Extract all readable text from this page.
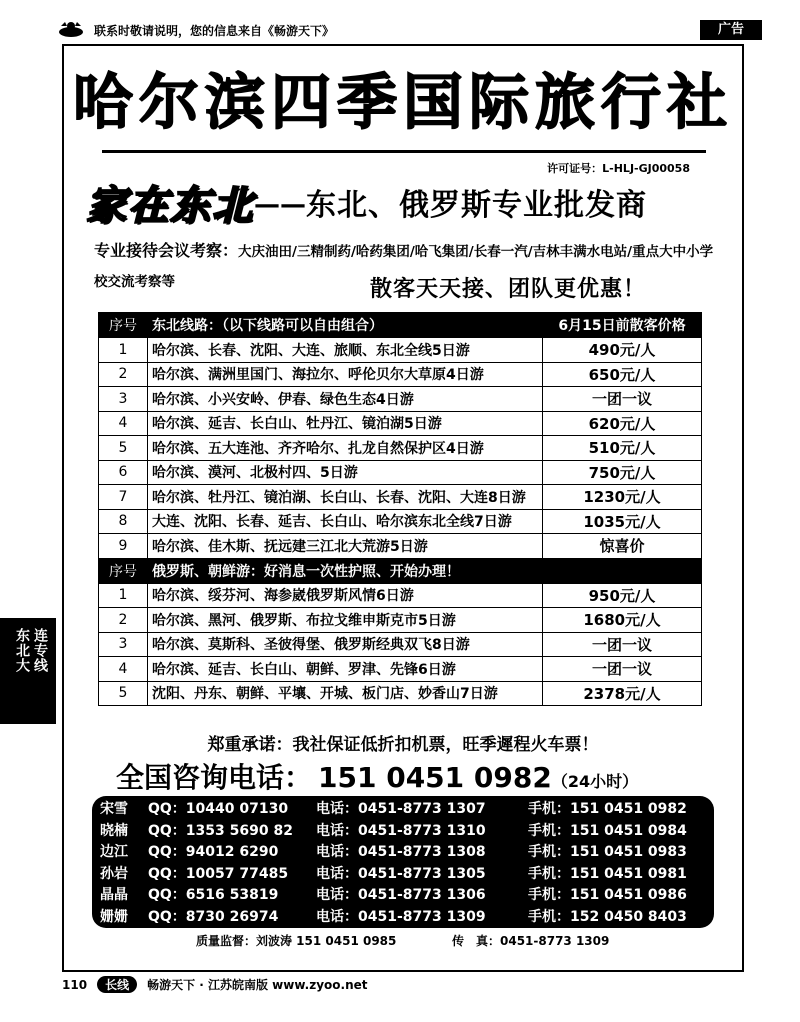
联系时敬请说明，您的信息来自《畅游天下》	广告
哈尔滨四季国际旅行社
许可证号：L-HLJ-GJ00058
家在东北——东北、俄罗斯专业批发商
专业接待会议考察：大庆油田/三精制药/哈药集团/哈飞集团/长春一汽/吉林丰满水电站/重点大中小学校交流考察等	散客天天接、团队更优惠！
序号	东北线路：（以下线路可以自由组合）	6月15日前散客价格
1	哈尔滨、长春、沈阳、大连、旅顺、东北全线5日游	490元/人
2	哈尔滨、满洲里国门、海拉尔、呼伦贝尔大草原4日游	650元/人
3	哈尔滨、小兴安岭、伊春、绿色生态4日游	一团一议
4	哈尔滨、延吉、长白山、牡丹江、镜泊湖5日游	620元/人
5	哈尔滨、五大连池、齐齐哈尔、扎龙自然保护区4日游	510元/人
6	哈尔滨、漠河、北极村四、5日游	750元/人
7	哈尔滨、牡丹江、镜泊湖、长白山、长春、沈阳、大连8日游	1230元/人
8	大连、沈阳、长春、延吉、长白山、哈尔滨东北全线7日游	1035元/人
9	哈尔滨、佳木斯、抚远建三江北大荒游5日游	惊喜价
序号	俄罗斯、朝鲜游：好消息一次性护照、开始办理！	
1	哈尔滨、绥芬河、海参崴俄罗斯风情6日游	950元/人
2	哈尔滨、黑河、俄罗斯、布拉戈维申斯克市5日游	1680元/人
3	哈尔滨、莫斯科、圣彼得堡、俄罗斯经典双飞8日游	一团一议
4	哈尔滨、延吉、长白山、朝鲜、罗津、先锋6日游	一团一议
5	沈阳、丹东、朝鲜、平壤、开城、板门店、妙香山7日游	2378元/人
郑重承诺：我社保证低折扣机票，旺季遲程火车票！
全国咨询电话： 151 0451 0982（24小时）
宋雪 QQ：10440 07130 电话：0451-8773 1307	手机：151 0451 0982
晓楠 QQ：1353 5690 82 电话：0451-8773 1310	手机：151 0451 0984
边江 QQ：94012 6290	电话：0451-8773 1308	手机：151 0451 0983
孙岩 QQ：10057 77485 电话：0451-8773 1305	手机：151 0451 0981
晶晶 QQ：6516 53819	电话：0451-8773 1306	手机：151 0451 0986
姗姗 QQ：8730 26974	电话：0451-8773 1309	手机：152 0450 8403
质量监督：刘波涛 151 0451 0985	传　真：0451-8773 1309
东北大 连专线
110 长线 畅游天下 · 江苏皖南版 www.zyoo.net
